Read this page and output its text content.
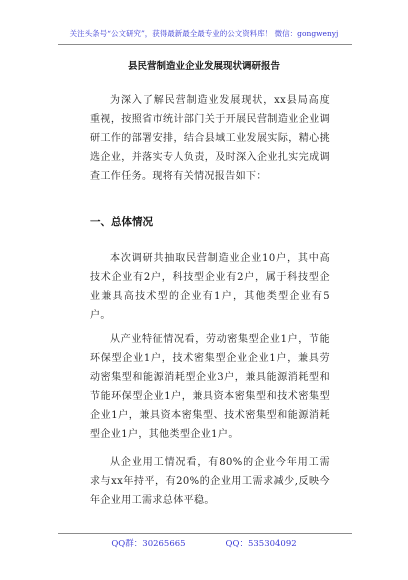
关注头条号“公文研究”，获得最新最全最专业的公文资料库！ 微信：gongwenyj
县民营制造业企业发展现状调研报告

为深入了解民营制造业发展现状，xx县局高度重视，按照省市统计部门关于开展民营制造业企业调研工作的部署安排，结合县域工业发展实际，精心挑选企业，并落实专人负责，及时深入企业扎实完成调查工作任务。现将有关情况报告如下：

一、总体情况

本次调研共抽取民营制造业企业10户，其中高技术企业有2户，科技型企业有2户，属于科技型企业兼具高技术型的企业有1户，其他类型企业有5户。

从产业特征情况看，劳动密集型企业1户，节能环保型企业1户，技术密集型企业企业1户，兼具劳动密集型和能源消耗型企业3户，兼具能源消耗型和节能环保型企业1户，兼具资本密集型和技术密集型企业1户，兼具资本密集型、技术密集型和能源消耗型企业1户，其他类型企业1户。

从企业用工情况看，有80%的企业今年用工需求与xx年持平，有20%的企业用工需求减少,反映今年企业用工需求总体平稳。

QQ群：30265665	QQ：535304092
